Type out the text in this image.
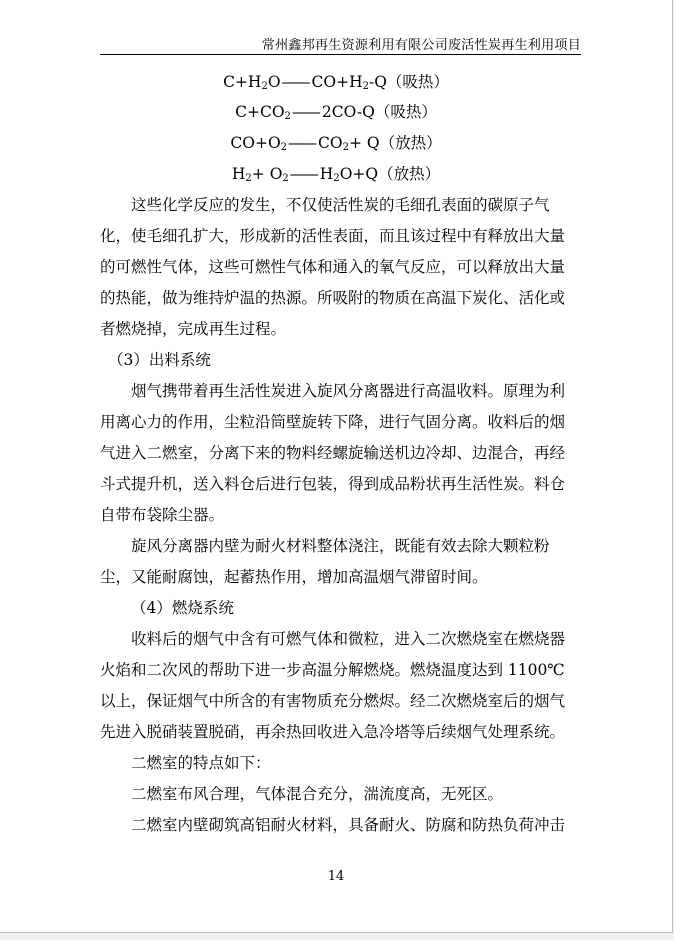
常州鑫邦再生资源利用有限公司废活性炭再生利用项目
$C+H_2O——$ $CO+H_2-Q$（吸热）
$C+CO_2——$ 2CO-Q（吸热）
$CO+O_2——$ $CO_2+ Q$（放热）
$H_2+$ $O_2——$ $H_2O+Q$（放热）
这些化学反应的发生，不仅使活性炭的毛细孔表面的碳原子气
化，使毛细孔扩大，形成新的活性表面，而且该过程中有释放出大量
的可燃性气体，这些可燃性气体和通入的氧气反应，可以释放出大量
的热能，做为维持炉温的热源。所吸附的物质在高温下炭化、活化或
者燃烧掉，完成再生过程。
（3）出料系统
烟气携带着再生活性炭进入旋风分离器进行高温收料。原理为利
用离心力的作用，尘粒沿筒壁旋转下降，进行气固分离。收料后的烟
气进入二燃室，分离下来的物料经螺旋输送机边冷却、边混合，再经
斗式提升机，送入料仓后进行包装，得到成品粉状再生活性炭。料仓
自带布袋除尘器。
旋风分离器内壁为耐火材料整体浇注，既能有效去除大颗粒粉
尘，又能耐腐蚀，起蓄热作用，增加高温烟气滞留时间。
（4）燃烧系统
收料后的烟气中含有可燃气体和微粒，进入二次燃烧室在燃烧器
火焰和二次风的帮助下进一步高温分解燃烧。燃烧温度达到 1100℃
以上，保证烟气中所含的有害物质充分燃烬。经二次燃烧室后的烟气
先进入脱硝装置脱硝，再余热回收进入急冷塔等后续烟气处理系统。
二燃室的特点如下：
二燃室布风合理，气体混合充分，湍流度高，无死区。
二燃室内壁砌筑高铝耐火材料，具备耐火、防腐和防热负荷冲击
14
